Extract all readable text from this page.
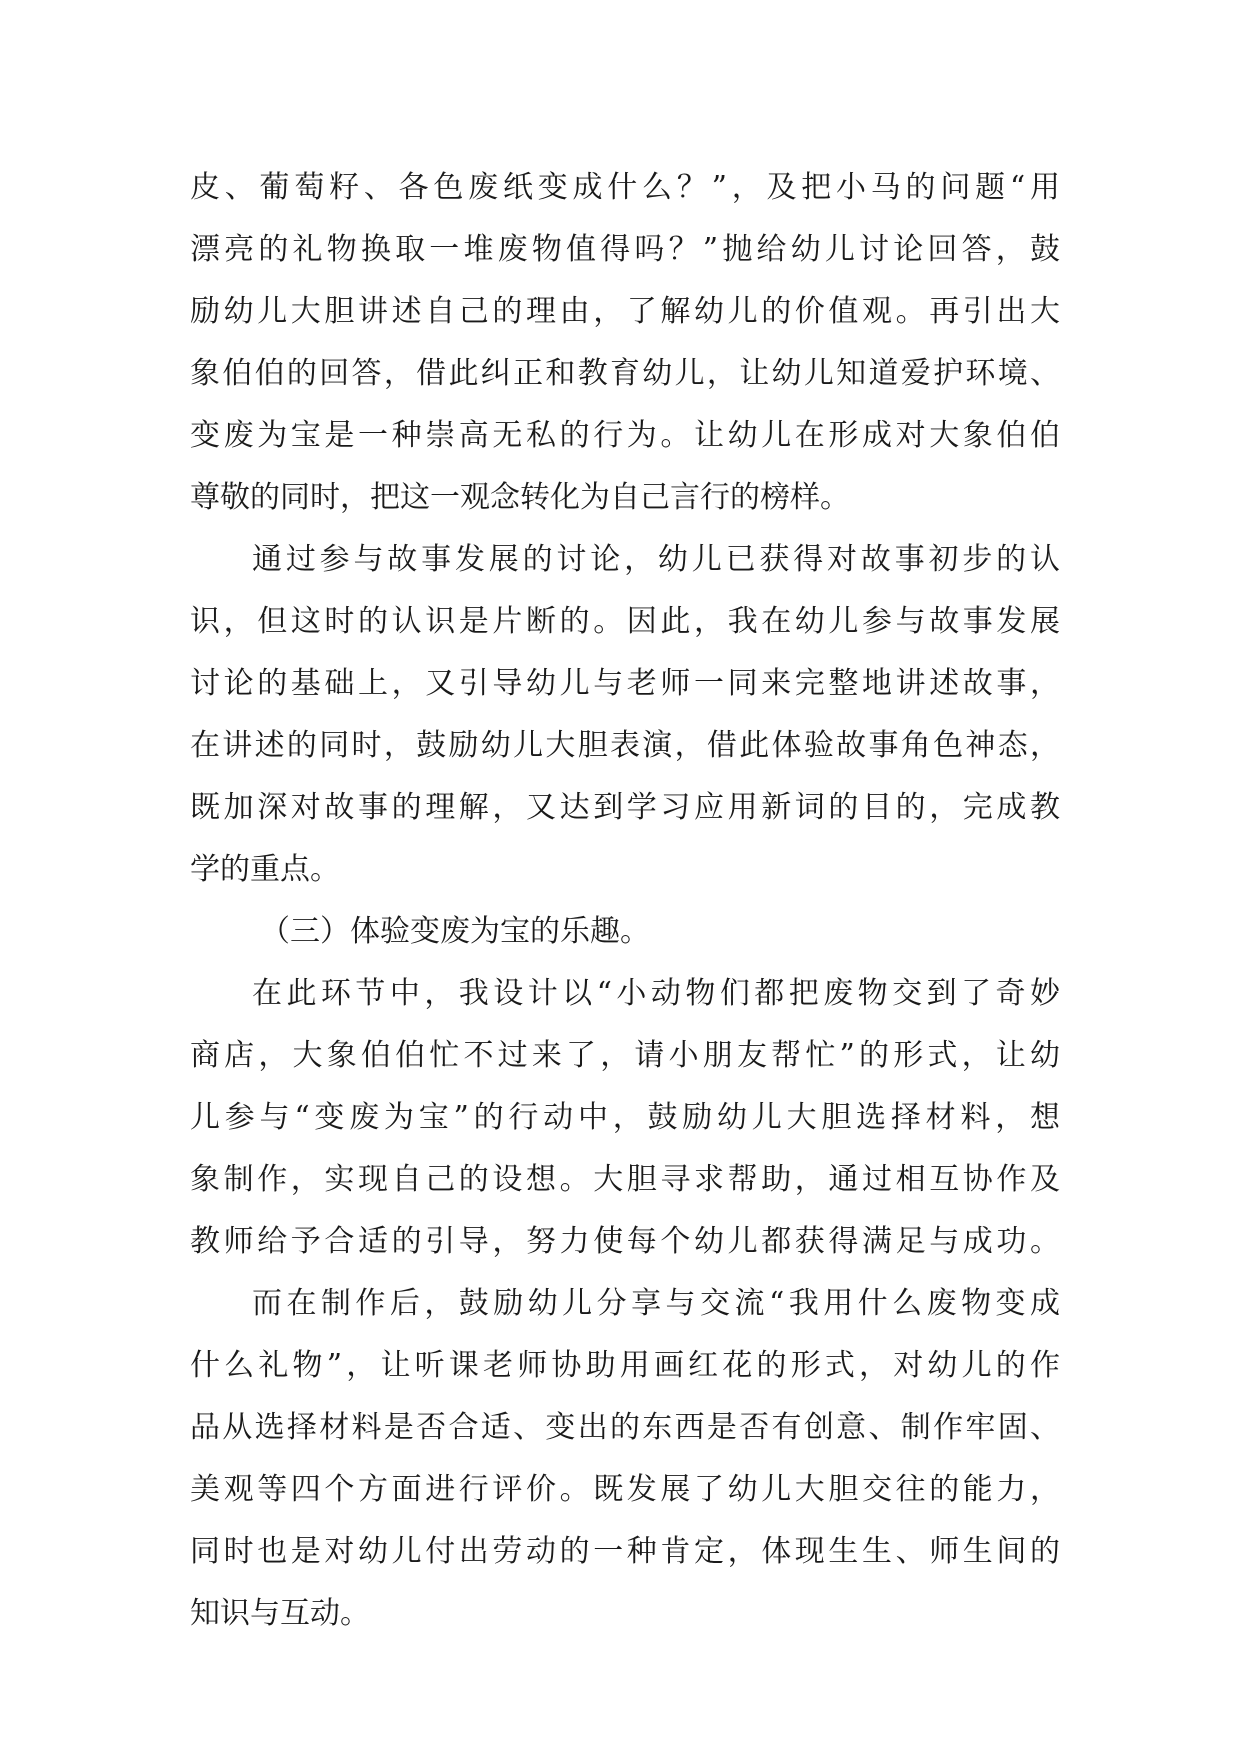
皮、葡萄籽、各色废纸变成什么？”，及把小马的问题“用
漂亮的礼物换取一堆废物值得吗？”抛给幼儿讨论回答，鼓
励幼儿大胆讲述自己的理由，了解幼儿的价值观。再引出大
象伯伯的回答，借此纠正和教育幼儿，让幼儿知道爱护环境、
变废为宝是一种崇高无私的行为。让幼儿在形成对大象伯伯
尊敬的同时，把这一观念转化为自己言行的榜样。
通过参与故事发展的讨论，幼儿已获得对故事初步的认
识，但这时的认识是片断的。因此，我在幼儿参与故事发展
讨论的基础上，又引导幼儿与老师一同来完整地讲述故事，
在讲述的同时，鼓励幼儿大胆表演，借此体验故事角色神态，
既加深对故事的理解，又达到学习应用新词的目的，完成教
学的重点。
（三）体验变废为宝的乐趣。
在此环节中，我设计以“小动物们都把废物交到了奇妙
商店，大象伯伯忙不过来了，请小朋友帮忙”的形式，让幼
儿参与“变废为宝”的行动中，鼓励幼儿大胆选择材料，想
象制作，实现自己的设想。大胆寻求帮助，通过相互协作及
教师给予合适的引导，努力使每个幼儿都获得满足与成功。
而在制作后，鼓励幼儿分享与交流“我用什么废物变成
什么礼物”，让听课老师协助用画红花的形式，对幼儿的作
品从选择材料是否合适、变出的东西是否有创意、制作牢固、
美观等四个方面进行评价。既发展了幼儿大胆交往的能力，
同时也是对幼儿付出劳动的一种肯定，体现生生、师生间的
知识与互动。
